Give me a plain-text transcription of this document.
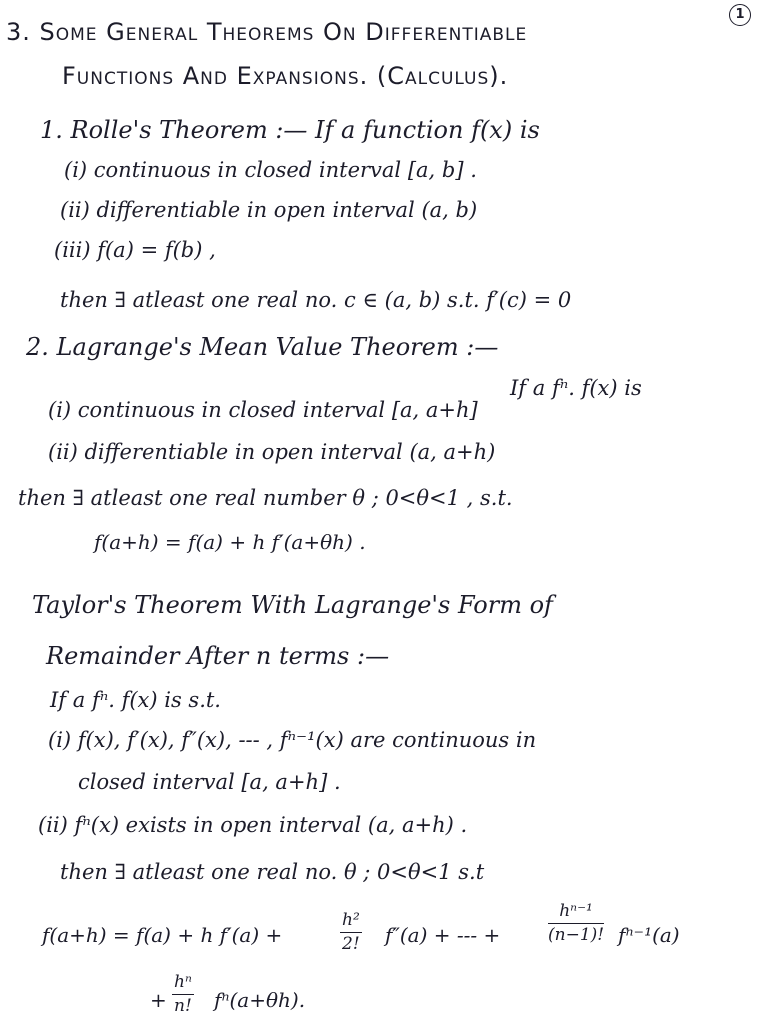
1
3. Some General Theorems On Differentiable
Functions And Expansions. (Calculus).
1. Rolle's Theorem :— If a function f(x) is
(i) continuous in closed interval [a, b] .
(ii) differentiable in open interval (a, b)
(iii) f(a) = f(b) ,
then ∃ atleast one real no. c ∈ (a, b) s.t. f′(c) = 0
2. Lagrange's Mean Value Theorem :—
If a fⁿ. f(x) is
(i) continuous in closed interval [a, a+h]
(ii) differentiable in open interval (a, a+h)
then ∃ atleast one real number θ ; 0<θ<1 , s.t.
f(a+h) = f(a) + h f′(a+θh) .
Taylor's Theorem With Lagrange's Form of
Remainder After n terms :—
If a fⁿ. f(x) is s.t.
(i) f(x), f′(x), f″(x), --- , fⁿ⁻¹(x) are continuous in
closed interval [a, a+h] .
(ii) fⁿ(x) exists in open interval (a, a+h) .
then ∃ atleast one real no. θ ; 0<θ<1 s.t
f(a+h) = f(a) + h f′(a) +	$\frac{\text{h²}}{2!} f''(a)$ + --- +	$\frac{\text{hⁿ⁻¹}}{(n-1)!} f^{n-1}(a)$
+ $\frac{\text{hⁿ}}{n!} f^n(a+\theta h)$.
